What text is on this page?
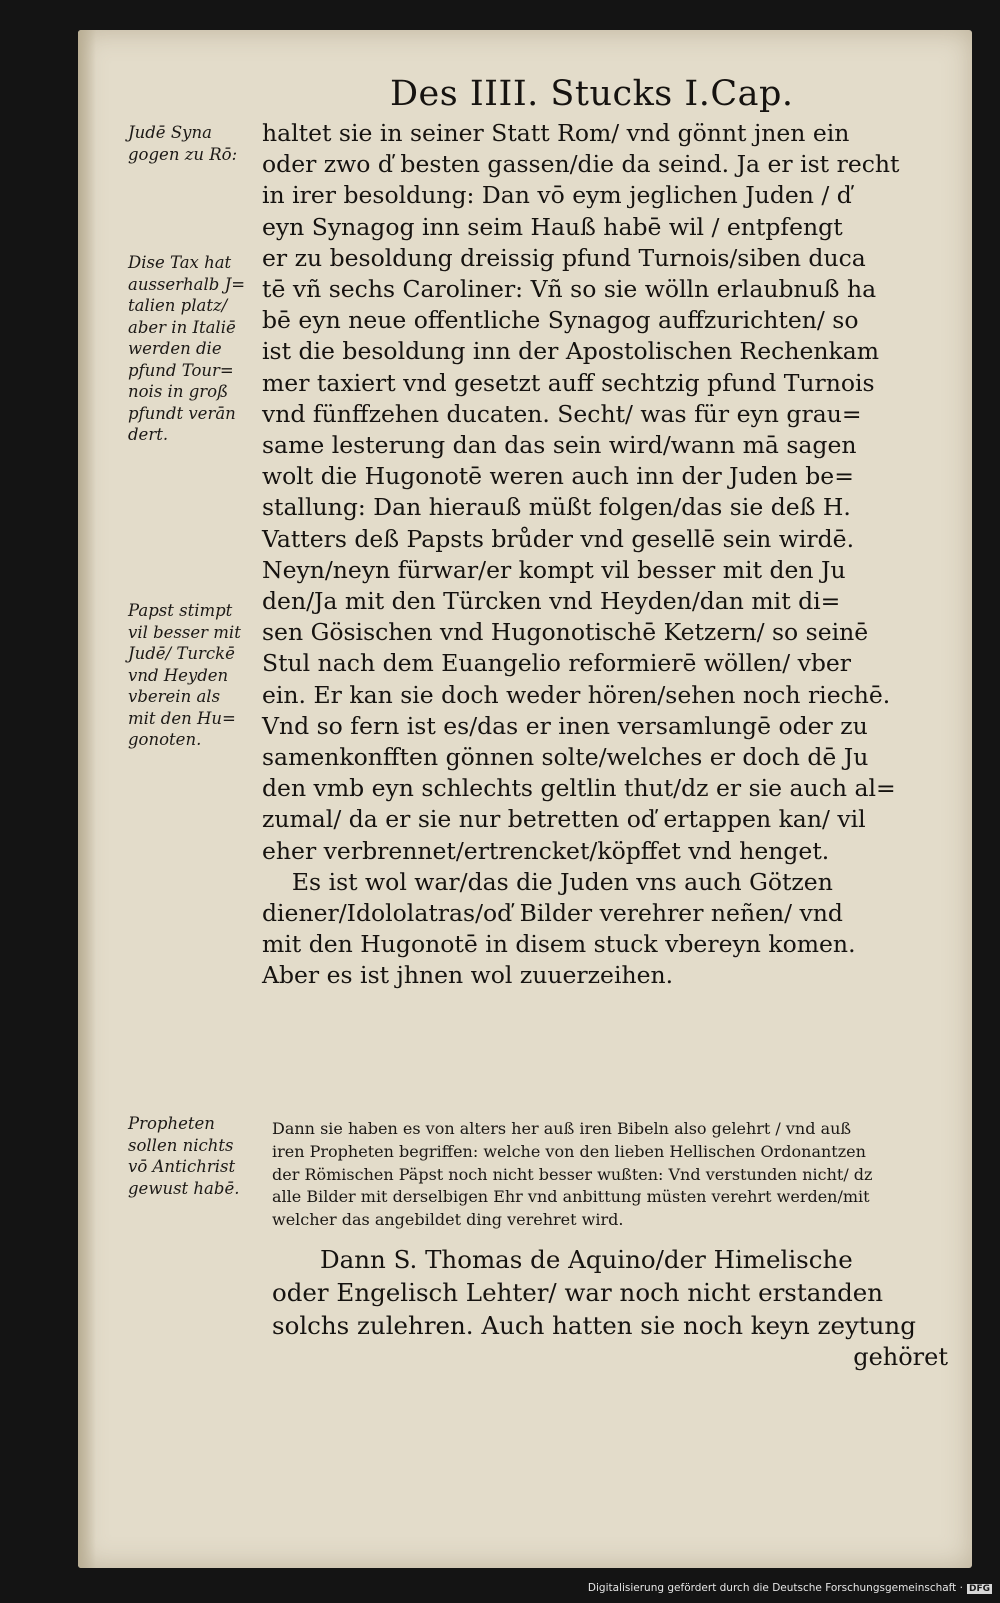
Des IIII. Stucks I.Cap.
Judē Syna
gogen zu Rō:
Dise Tax hat
ausserhalb J=
talien platz/
aber in Italiē
werden die
pfund Tour=
nois in groß
pfundt verān
dert.
Papst stimpt
vil besser mit
Judē/ Turckē
vnd Heyden
vberein als
mit den Hu=
gonoten.
Propheten
sollen nichts
vō Antichrist
gewust habē.
haltet sie in seiner Statt Rom/ vnd gönnt jnen ein
oder zwo ď besten gassen/die da seind. Ja er ist recht
in irer besoldung: Dan vō eym jeglichen Juden / ď
eyn Synagog inn seim Hauß habē wil / entpfengt
er zu besoldung dreissig pfund Turnois/siben duca
tē vñ sechs Caroliner: Vñ so sie wölln erlaubnuß ha
bē eyn neue offentliche Synagog auffzurichten/ so
ist die besoldung inn der Apostolischen Rechenkam
mer taxiert vnd gesetzt auff sechtzig pfund Turnois
vnd fünffzehen ducaten. Secht/ was für eyn grau=
same lesterung dan das sein wird/wann mā sagen
wolt die Hugonotē weren auch inn der Juden be=
stallung: Dan hierauß müßt folgen/das sie deß H.
Vatters deß Papsts brůder vnd gesellē sein wirdē.
Neyn/neyn fürwar/er kompt vil besser mit den Ju
den/Ja mit den Türcken vnd Heyden/dan mit di=
sen Gösischen vnd Hugonotischē Ketzern/ so seinē
Stul nach dem Euangelio reformierē wöllen/ vber
ein. Er kan sie doch weder hören/sehen noch riechē.
Vnd so fern ist es/das er inen versamlungē oder zu
samenkonfften gönnen solte/welches er doch dē Ju
den vmb eyn schlechts geltlin thut/dz er sie auch al=
zumal/ da er sie nur betretten oď ertappen kan/ vil
eher verbrennet/ertrencket/köpffet vnd henget.
Es ist wol war/das die Juden vns auch Götzen
diener/Idololatras/oď Bilder verehrer neñen/ vnd
mit den Hugonotē in disem stuck vbereyn komen.
Aber es ist jhnen wol zuuerzeihen.
Dann sie haben es von alters her auß iren Bibeln also gelehrt / vnd auß
iren Propheten begriffen: welche von den lieben Hellischen Ordonantzen
der Römischen Päpst noch nicht besser wußten: Vnd verstunden nicht/ dz
alle Bilder mit derselbigen Ehr vnd anbittung müsten verehrt werden/mit
welcher das angebildet ding verehret wird.
Dann S. Thomas de Aquino/der Himelische
oder Engelisch Lehter/ war noch nicht erstanden
solchs zulehren. Auch hatten sie noch keyn zeytung
gehöret
Digitalisierung gefördert durch die Deutsche Forschungsgemeinschaft · DFG
